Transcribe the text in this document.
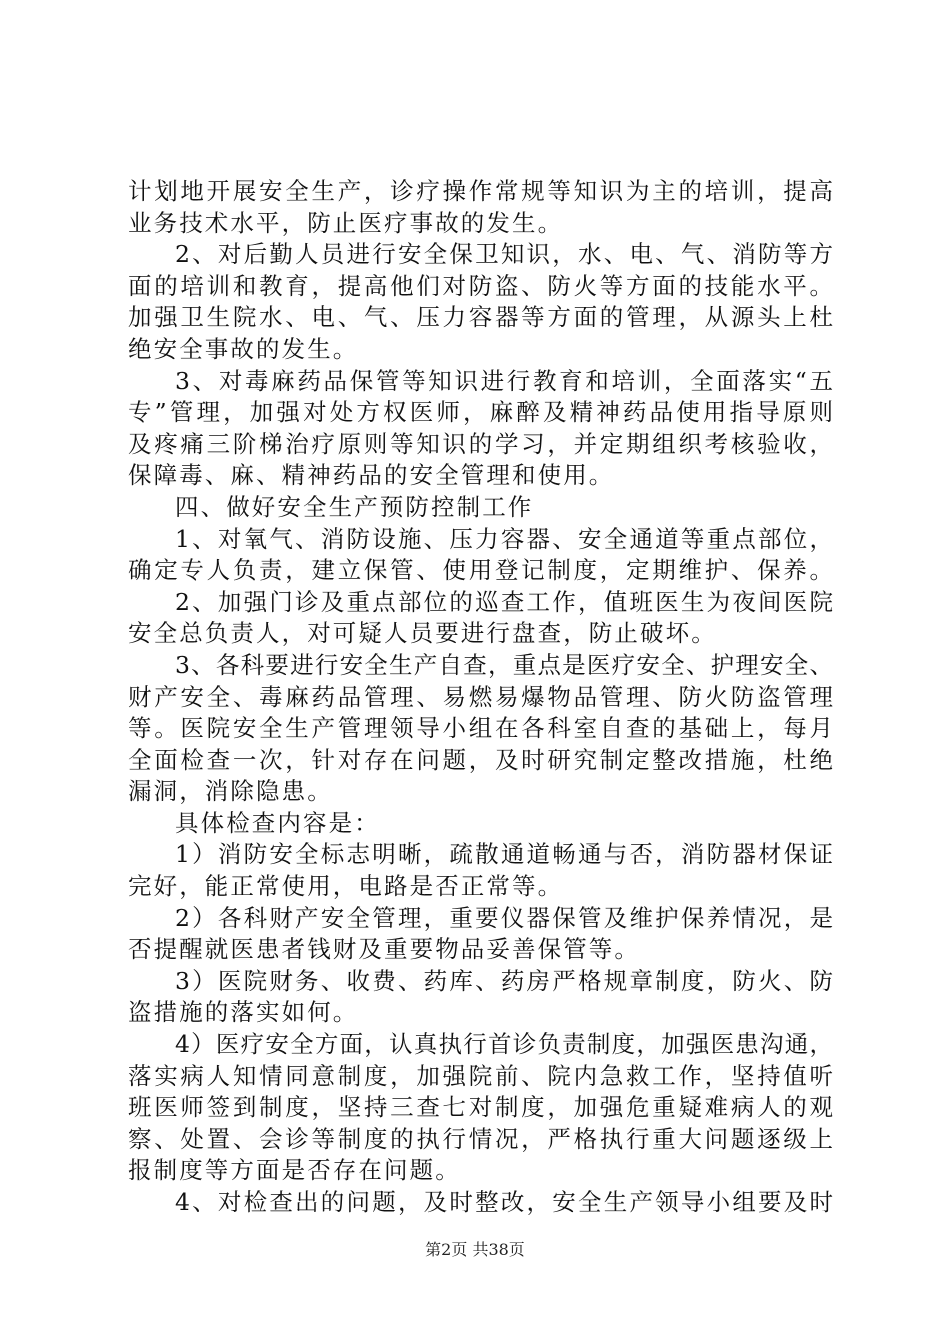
计划地开展安全生产，诊疗操作常规等知识为主的培训，提高
业务技术水平，防止医疗事故的发生。
2、对后勤人员进行安全保卫知识，水、电、气、消防等方
面的培训和教育，提高他们对防盗、防火等方面的技能水平。
加强卫生院水、电、气、压力容器等方面的管理，从源头上杜
绝安全事故的发生。
3、对毒麻药品保管等知识进行教育和培训，全面落实“五
专”管理，加强对处方权医师，麻醉及精神药品使用指导原则
及疼痛三阶梯治疗原则等知识的学习，并定期组织考核验收，
保障毒、麻、精神药品的安全管理和使用。
四、做好安全生产预防控制工作
1、对氧气、消防设施、压力容器、安全通道等重点部位，
确定专人负责，建立保管、使用登记制度，定期维护、保养。
2、加强门诊及重点部位的巡查工作，值班医生为夜间医院
安全总负责人，对可疑人员要进行盘查，防止破坏。
3、各科要进行安全生产自查，重点是医疗安全、护理安全、
财产安全、毒麻药品管理、易燃易爆物品管理、防火防盗管理
等。医院安全生产管理领导小组在各科室自查的基础上，每月
全面检查一次，针对存在问题，及时研究制定整改措施，杜绝
漏洞，消除隐患。
具体检查内容是：
1）消防安全标志明晰，疏散通道畅通与否，消防器材保证
完好，能正常使用，电路是否正常等。
2）各科财产安全管理，重要仪器保管及维护保养情况，是
否提醒就医患者钱财及重要物品妥善保管等。
3）医院财务、收费、药库、药房严格规章制度，防火、防
盗措施的落实如何。
4）医疗安全方面，认真执行首诊负责制度，加强医患沟通，
落实病人知情同意制度，加强院前、院内急救工作，坚持值听
班医师签到制度，坚持三查七对制度，加强危重疑难病人的观
察、处置、会诊等制度的执行情况，严格执行重大问题逐级上
报制度等方面是否存在问题。
4、对检查出的问题，及时整改，安全生产领导小组要及时
第2页 共38页
